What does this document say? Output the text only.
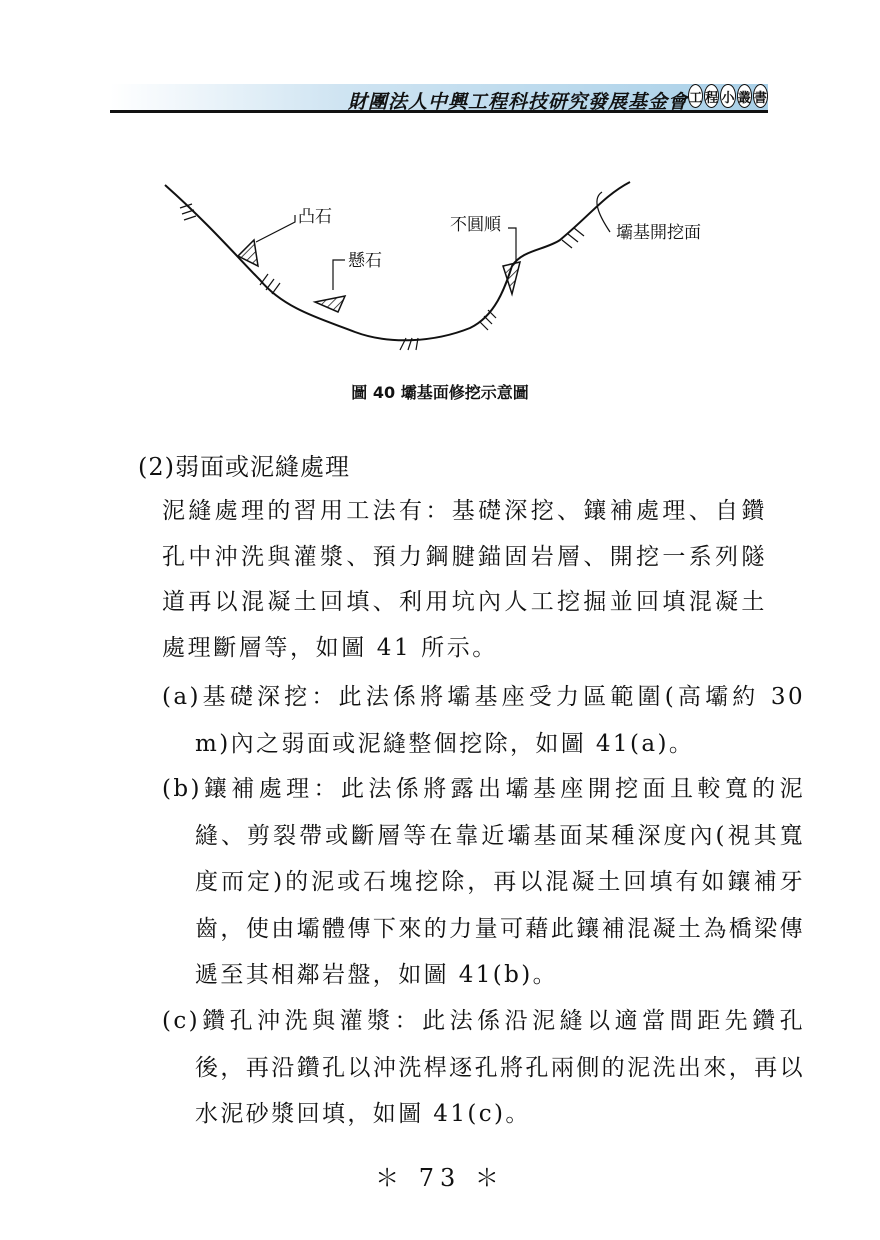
財團法人中興工程科技研究發展基金會 工 程 小 叢 書
凸石
懸石
不圓順	壩基開挖面
圖 40 壩基面修挖示意圖
(2)弱面或泥縫處理

泥縫處理的習用工法有：基礎深挖、鑲補處理、自鑽孔中沖洗與灌漿、預力鋼腱錨固岩層、開挖一系列隧道再以混凝土回填、利用坑內人工挖掘並回填混凝土處理斷層等，如圖 41 所示。

(a)基礎深挖：此法係將壩基座受力區範圍(高壩約 30 m)內之弱面或泥縫整個挖除，如圖 41(a)。

(b)鑲補處理：此法係將露出壩基座開挖面且較寬的泥縫、剪裂帶或斷層等在靠近壩基面某種深度內(視其寬度而定)的泥或石塊挖除，再以混凝土回填有如鑲補牙齒，使由壩體傳下來的力量可藉此鑲補混凝土為橋梁傳遞至其相鄰岩盤，如圖 41(b)。

(c)鑽孔沖洗與灌漿：此法係沿泥縫以適當間距先鑽孔後，再沿鑽孔以沖洗桿逐孔將孔兩側的泥洗出來，再以水泥砂漿回填，如圖 41(c)。

＊ 73 ＊
